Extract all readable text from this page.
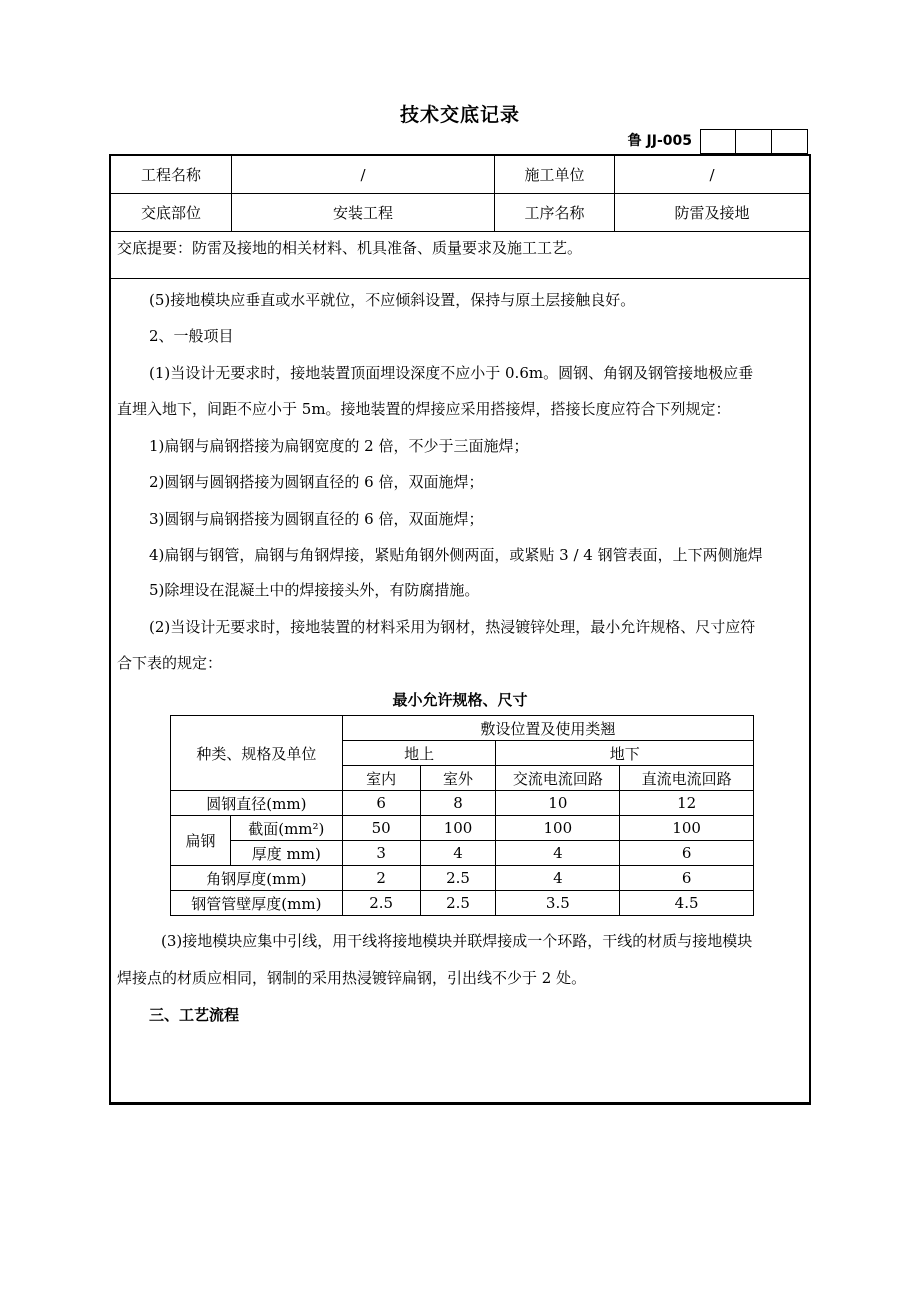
技术交底记录
鲁 JJ-005
工程名称	/	施工单位	/
交底部位	安装工程	工序名称	防雷及接地
交底提要：防雷及接地的相关材料、机具准备、质量要求及施工工艺。
(5)接地模块应垂直或水平就位，不应倾斜设置，保持与原土层接触良好。
2、一般项目
(1)当设计无要求时，接地装置顶面埋设深度不应小于 0.6m。圆钢、角钢及钢管接地极应垂
直埋入地下，间距不应小于 5m。接地装置的焊接应采用搭接焊，搭接长度应符合下列规定：
1)扁钢与扁钢搭接为扁钢宽度的 2 倍，不少于三面施焊；
2)圆钢与圆钢搭接为圆钢直径的 6 倍，双面施焊；
3)圆钢与扁钢搭接为圆钢直径的 6 倍，双面施焊；
4)扁钢与钢管，扁钢与角钢焊接，紧贴角钢外侧两面，或紧贴 3 / 4 钢管表面，上下两侧施焊
5)除埋设在混凝土中的焊接接头外，有防腐措施。
(2)当设计无要求时，接地装置的材料采用为钢材，热浸镀锌处理，最小允许规格、尺寸应符
合下表的规定：
最小允许规格、尺寸
(3)接地模块应集中引线，用干线将接地模块并联焊接成一个环路，干线的材质与接地模块
焊接点的材质应相同，钢制的采用热浸镀锌扁钢，引出线不少于 2 处。
三、工艺流程
种类、规格及单位		敷设位置及使用类翘			
		地上		地下	
		室内	室外	交流电流回路	直流电流回路
圆钢直径(mm)		6	8	10	12
扁钢	截面(mm²)	50	100	100	100
	厚度 mm)	3	4	4	6
角钢厚度(mm)		2	2.5	4	6
钢管管壁厚度(mm)		2.5	2.5	3.5	4.5
